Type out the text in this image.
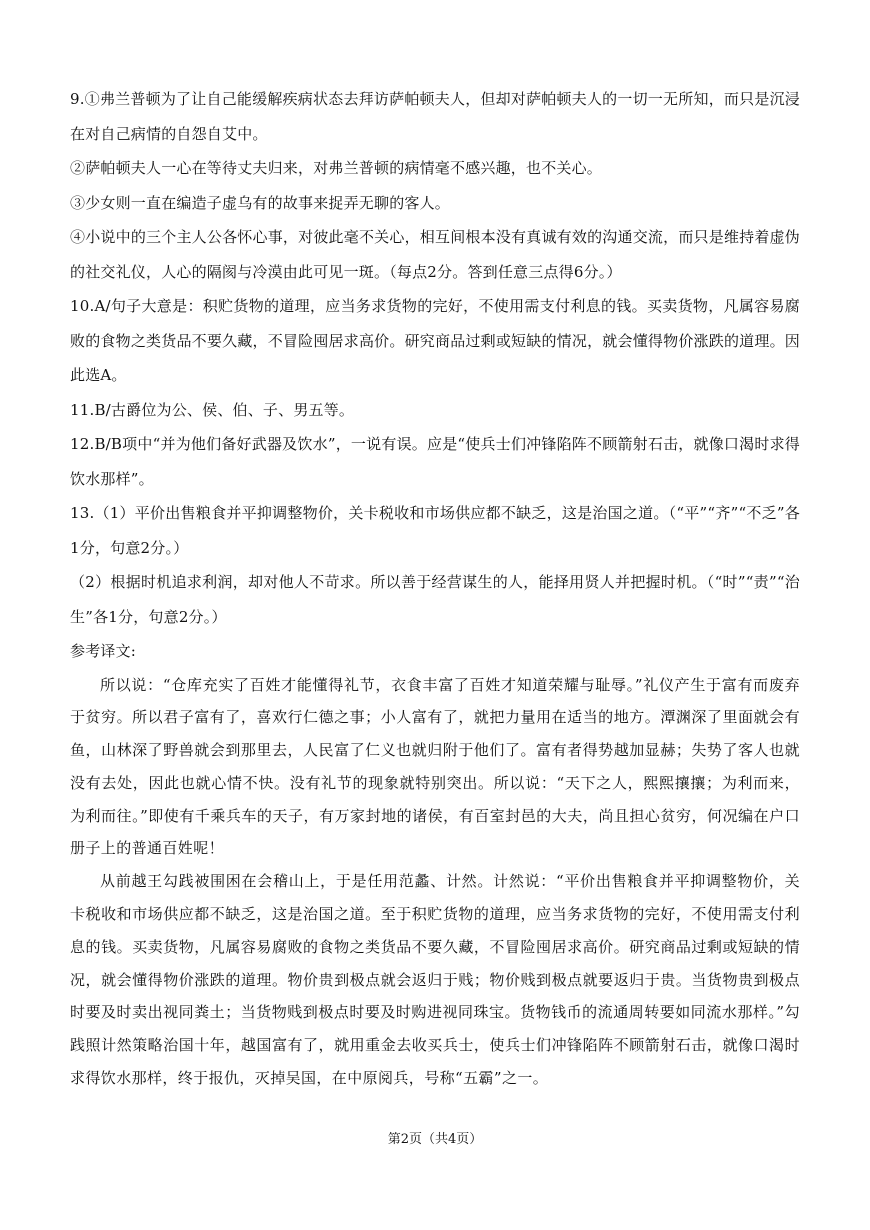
9.①弗兰普顿为了让自己能缓解疾病状态去拜访萨帕顿夫人，但却对萨帕顿夫人的一切一无所知，而只是沉浸在对自己病情的自怨自艾中。

②萨帕顿夫人一心在等待丈夫归来，对弗兰普顿的病情毫不感兴趣，也不关心。

③少女则一直在编造子虚乌有的故事来捉弄无聊的客人。

④小说中的三个主人公各怀心事，对彼此毫不关心，相互间根本没有真诚有效的沟通交流，而只是维持着虚伪的社交礼仪，人心的隔阂与冷漠由此可见一斑。（每点2分。答到任意三点得6分。）

10.A/句子大意是：积贮货物的道理，应当务求货物的完好，不使用需支付利息的钱。买卖货物，凡属容易腐败的食物之类货品不要久藏，不冒险囤居求高价。研究商品过剩或短缺的情况，就会懂得物价涨跌的道理。因此选A。

11.B/古爵位为公、侯、伯、子、男五等。

12.B/B项中“并为他们备好武器及饮水”，一说有误。应是“使兵士们冲锋陷阵不顾箭射石击，就像口渴时求得饮水那样”。

13.（1）平价出售粮食并平抑调整物价，关卡税收和市场供应都不缺乏，这是治国之道。（“平”“齐”“不乏”各1分，句意2分。）

（2）根据时机追求利润，却对他人不苛求。所以善于经营谋生的人，能择用贤人并把握时机。（“时”“责”“治生”各1分，句意2分。）

参考译文:

所以说：“仓库充实了百姓才能懂得礼节，衣食丰富了百姓才知道荣耀与耻辱。”礼仪产生于富有而废弃于贫穷。所以君子富有了，喜欢行仁德之事；小人富有了，就把力量用在适当的地方。潭渊深了里面就会有鱼，山林深了野兽就会到那里去，人民富了仁义也就归附于他们了。富有者得势越加显赫；失势了客人也就没有去处，因此也就心情不快。没有礼节的现象就特别突出。所以说：“天下之人，熙熙攘攘；为利而来，为利而往。”即使有千乘兵车的天子，有万家封地的诸侯，有百室封邑的大夫，尚且担心贫穷，何况编在户口册子上的普通百姓呢！

从前越王勾践被围困在会稽山上，于是任用范蠡、计然。计然说：“平价出售粮食并平抑调整物价，关卡税收和市场供应都不缺乏，这是治国之道。至于积贮货物的道理，应当务求货物的完好，不使用需支付利息的钱。买卖货物，凡属容易腐败的食物之类货品不要久藏，不冒险囤居求高价。研究商品过剩或短缺的情况，就会懂得物价涨跌的道理。物价贵到极点就会返归于贱；物价贱到极点就要返归于贵。当货物贵到极点时要及时卖出视同粪土；当货物贱到极点时要及时购进视同珠宝。货物钱币的流通周转要如同流水那样。”勾践照计然策略治国十年，越国富有了，就用重金去收买兵士，使兵士们冲锋陷阵不顾箭射石击，就像口渴时求得饮水那样，终于报仇，灭掉吴国，在中原阅兵，号称“五霸”之一。

第2页（共4页）
